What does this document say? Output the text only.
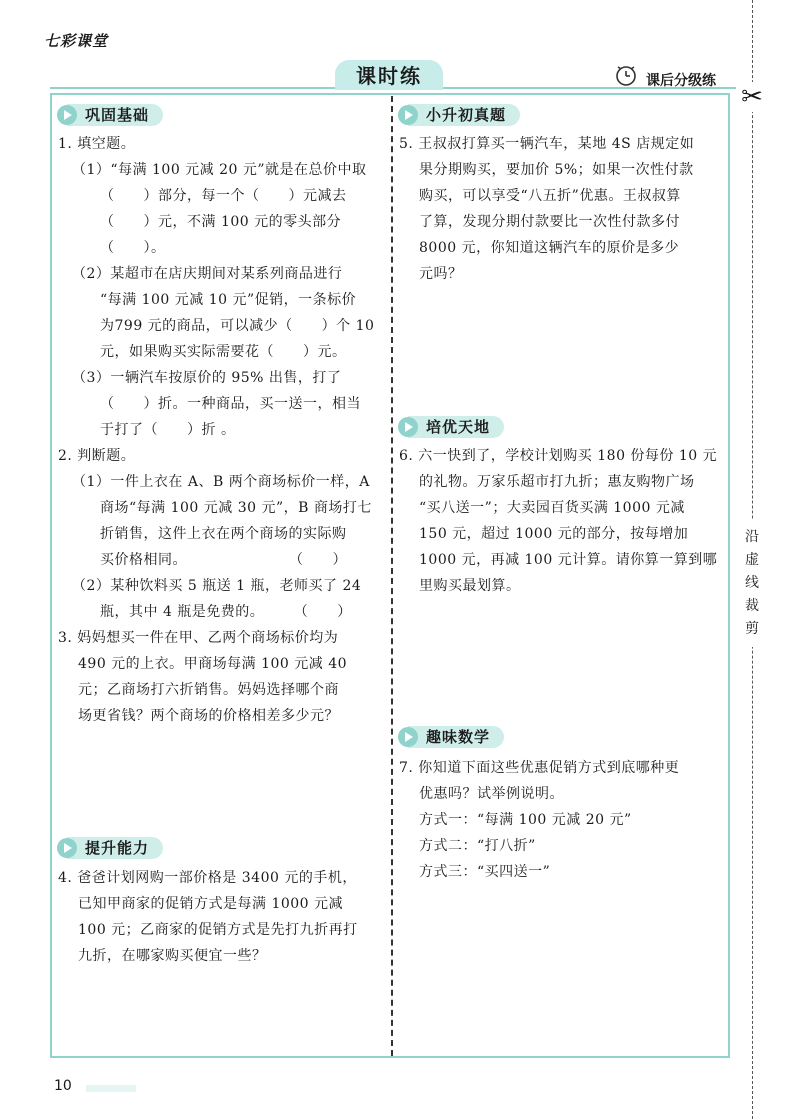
七彩课堂
课时练	课后分级练
✂
沿虚线裁剪
巩固基础
1. 填空题。
（1）“每满 100 元减 20 元”就是在总价中取
（　　）部分，每一个（　　）元减去
（　　）元，不满 100 元的零头部分
（　　）。
（2）某超市在店庆期间对某系列商品进行
“每满 100 元减 10 元”促销，一条标价
为799 元的商品，可以减少（　　）个 10
元，如果购买实际需要花（　　）元。
（3）一辆汽车按原价的 95% 出售，打了
（　　）折。一种商品，买一送一，相当
于打了（　　）折 。
2. 判断题。
（1）一件上衣在 A、B 两个商场标价一样，A
商场“每满 100 元减 30 元”，B 商场打七
折销售，这件上衣在两个商场的实际购
买价格相同。　　　　　　　　（　　）
（2）某种饮料买 5 瓶送 1 瓶，老师买了 24
瓶，其中 4 瓶是免费的。　　　（　　）
3. 妈妈想买一件在甲、乙两个商场标价均为
490 元的上衣。甲商场每满 100 元减 40
元；乙商场打六折销售。妈妈选择哪个商
场更省钱？两个商场的价格相差多少元？
提升能力
4. 爸爸计划网购一部价格是 3400 元的手机，
已知甲商家的促销方式是每满 1000 元减
100 元；乙商家的促销方式是先打九折再打
九折，在哪家购买便宜一些？
小升初真题
5. 王叔叔打算买一辆汽车，某地 4S 店规定如
果分期购买，要加价 5%；如果一次性付款
购买，可以享受“八五折”优惠。王叔叔算
了算，发现分期付款要比一次性付款多付
8000 元，你知道这辆汽车的原价是多少
元吗？
培优天地
6. 六一快到了，学校计划购买 180 份每份 10 元
的礼物。万家乐超市打九折；惠友购物广场
“买八送一”；大卖园百货买满 1000 元减
150 元，超过 1000 元的部分，按每增加
1000 元，再减 100 元计算。请你算一算到哪
里购买最划算。
趣味数学
7. 你知道下面这些优惠促销方式到底哪种更
优惠吗？试举例说明。
方式一：“每满 100 元减 20 元”
方式二：“打八折”
方式三：“买四送一”
10
